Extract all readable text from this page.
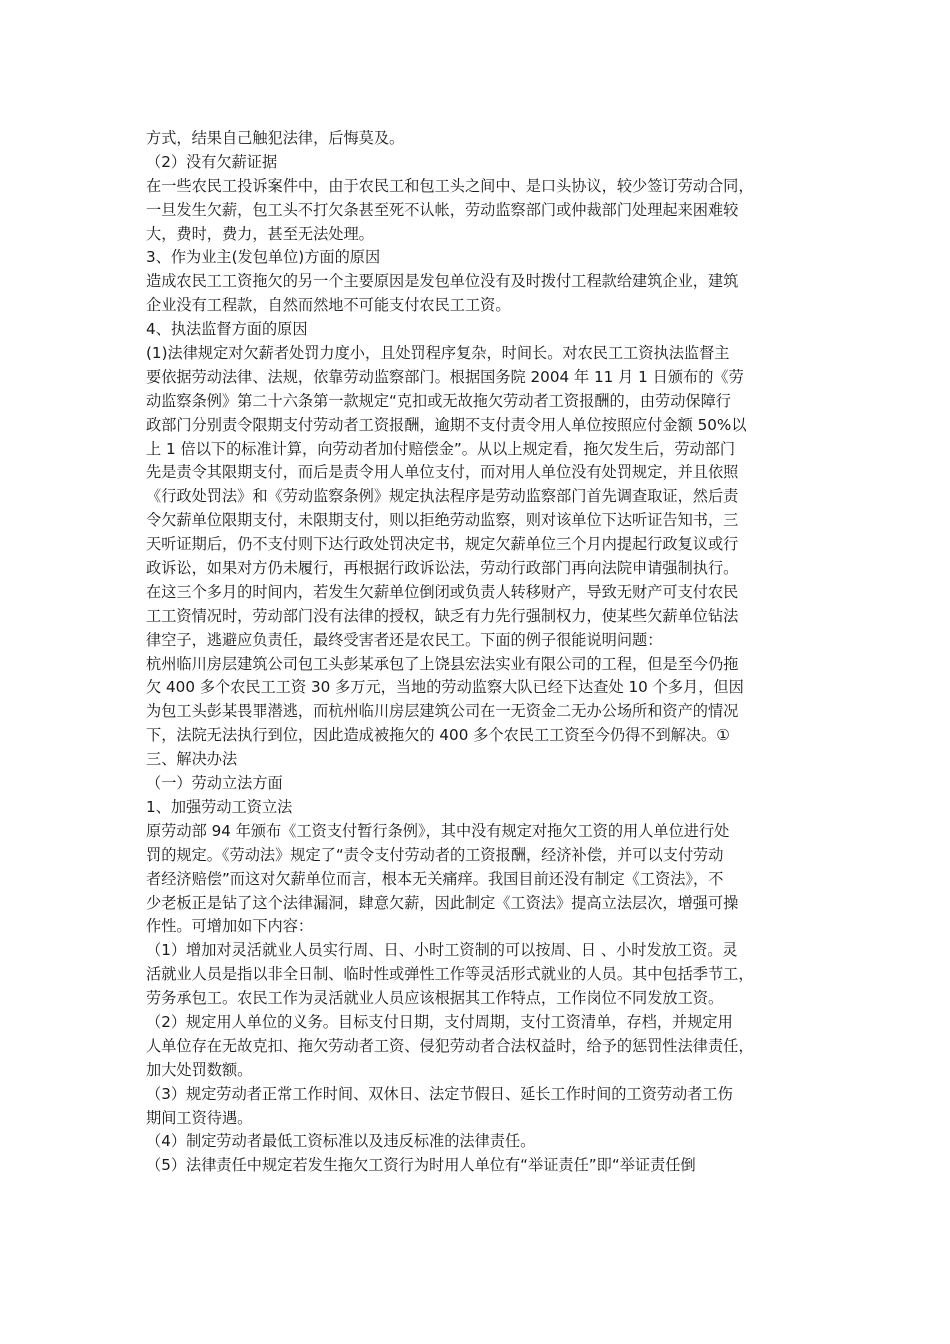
方式，结果自己触犯法律，后悔莫及。
（2）没有欠薪证据
在一些农民工投诉案件中，由于农民工和包工头之间中、是口头协议，较少签订劳动合同，
一旦发生欠薪，包工头不打欠条甚至死不认帐，劳动监察部门或仲裁部门处理起来困难较
大，费时，费力，甚至无法处理。
3、作为业主(发包单位)方面的原因
造成农民工工资拖欠的另一个主要原因是发包单位没有及时拨付工程款给建筑企业，建筑
企业没有工程款，自然而然地不可能支付农民工工资。
4、执法监督方面的原因
(1)法律规定对欠薪者处罚力度小，且处罚程序复杂，时间长。对农民工工资执法监督主
要依据劳动法律、法规，依靠劳动监察部门。根据国务院 2004 年 11 月 1 日颁布的《劳
动监察条例》第二十六条第一款规定“克扣或无故拖欠劳动者工资报酬的，由劳动保障行
政部门分别责令限期支付劳动者工资报酬，逾期不支付责令用人单位按照应付金额 50%以
上 1 倍以下的标准计算，向劳动者加付赔偿金”。从以上规定看，拖欠发生后，劳动部门
先是责令其限期支付，而后是责令用人单位支付，而对用人单位没有处罚规定，并且依照
《行政处罚法》和《劳动监察条例》规定执法程序是劳动监察部门首先调查取证，然后责
令欠薪单位限期支付，未限期支付，则以拒绝劳动监察，则对该单位下达听证告知书，三
天听证期后，仍不支付则下达行政处罚决定书，规定欠薪单位三个月内提起行政复议或行
政诉讼，如果对方仍未履行，再根据行政诉讼法，劳动行政部门再向法院申请强制执行。
在这三个多月的时间内，若发生欠薪单位倒闭或负责人转移财产，导致无财产可支付农民
工工资情况时，劳动部门没有法律的授权，缺乏有力先行强制权力，使某些欠薪单位钻法
律空子，逃避应负责任，最终受害者还是农民工。下面的例子很能说明问题：
杭州临川房层建筑公司包工头彭某承包了上饶县宏法实业有限公司的工程，但是至今仍拖
欠 400 多个农民工工资 30 多万元，当地的劳动监察大队已经下达查处 10 个多月，但因
为包工头彭某畏罪潜逃，而杭州临川房层建筑公司在一无资金二无办公场所和资产的情况
下，法院无法执行到位，因此造成被拖欠的 400 多个农民工工资至今仍得不到解决。①
三、解决办法
（一）劳动立法方面
1、加强劳动工资立法
原劳动部 94 年颁布《工资支付暂行条例》，其中没有规定对拖欠工资的用人单位进行处
罚的规定。《劳动法》规定了“责令支付劳动者的工资报酬，经济补偿，并可以支付劳动
者经济赔偿”而这对欠薪单位而言，根本无关痛痒。我国目前还没有制定《工资法》，不
少老板正是钻了这个法律漏洞，肆意欠薪，因此制定《工资法》提高立法层次，增强可操
作性。可增加如下内容：
（1）增加对灵活就业人员实行周、日、小时工资制的可以按周、日 、小时发放工资。灵
活就业人员是指以非全日制、临时性或弹性工作等灵活形式就业的人员。其中包括季节工，
劳务承包工。农民工作为灵活就业人员应该根据其工作特点，工作岗位不同发放工资。
（2）规定用人单位的义务。目标支付日期，支付周期，支付工资清单，存档，并规定用
人单位存在无故克扣、拖欠劳动者工资、侵犯劳动者合法权益时，给予的惩罚性法律责任，
加大处罚数额。
（3）规定劳动者正常工作时间、双休日、法定节假日、延长工作时间的工资劳动者工伤
期间工资待遇。
（4）制定劳动者最低工资标准以及违反标准的法律责任。
（5）法律责任中规定若发生拖欠工资行为时用人单位有“举证责任”即“举证责任倒
